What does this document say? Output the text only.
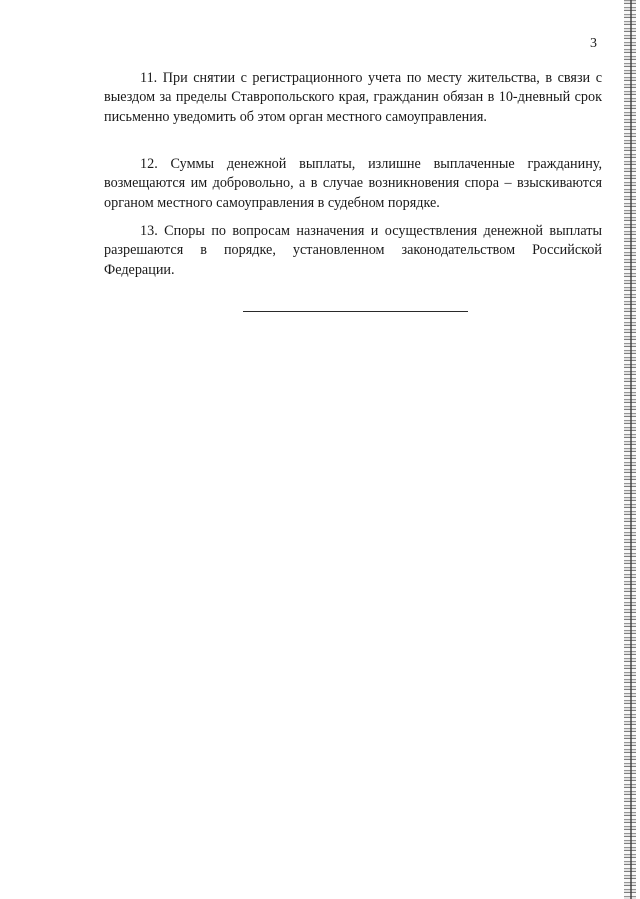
3

11. При снятии с регистрационного учета по месту жительства, в связи с выездом за пределы Ставропольского края, гражданин обязан в 10-дневный срок письменно уведомить об этом орган местного самоуправления.

12. Суммы денежной выплаты, излишне выплаченные гражданину, возмещаются им добровольно, а в случае возникновения спора – взыскиваются органом местного самоуправления в судебном порядке.

13. Споры по вопросам назначения и осуществления денежной выплаты разрешаются в порядке, установленном законодательством Российской Федерации.
